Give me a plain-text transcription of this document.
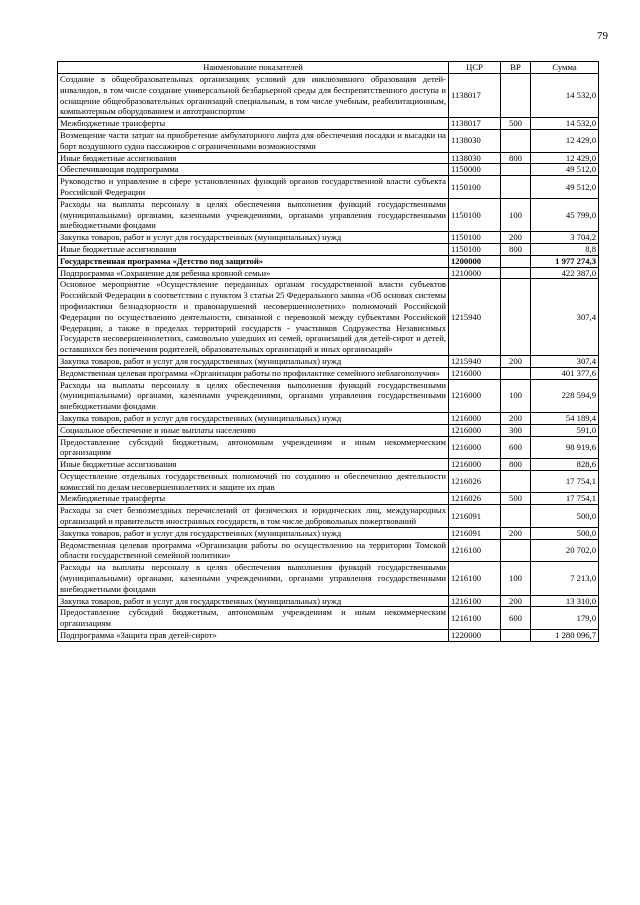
79
Наименование показателей	ЦСР	ВР	Сумма
Создание в общеобразовательных организациях условий для инклюзивного образования детей-инвалидов, в том числе создание универсальной безбарьерной среды для беспрепятственного доступа и оснащение общеобразовательных организаций специальным, в том числе учебным, реабилитационным, компьютерным оборудованием и автотранспортом	1138017		14 532,0
Межбюджетные трансферты	1138017	500	14 532,0
Возмещение части затрат на приобретение амбулаторного лифта для обеспечения посадки и высадки на борт воздушного судна пассажиров с ограниченными возможностями	1138030		12 429,0
Иные бюджетные ассигнования	1138030	800	12 429,0
Обеспечивающая подпрограмма	1150000		49 512,0
Руководство и управление в сфере установленных функций органов государственной власти субъекта Российской Федерации	1150100		49 512,0
Расходы на выплаты персоналу в целях обеспечения выполнения функций государственными (муниципальными) органами, казенными учреждениями, органами управления государственными внебюджетными фондами	1150100	100	45 799,0
Закупка товаров, работ и услуг для государственных (муниципальных) нужд	1150100	200	3 704,2
Иные бюджетные ассигнования	1150100	800	8,8
Государственная программа «Детство под защитой»	1200000		1 977 274,3
Подпрограмма «Сохранение для ребенка кровной семьи»	1210000		422 387,0
Основное мероприятие «Осуществление переданных органам государственной власти субъектов Российской Федерации в соответствии с пунктом 3 статьи 25 Федерального закона «Об основах системы профилактики безнадзорности и правонарушений несовершеннолетних» полномочий Российской Федерации по осуществлению деятельности, связанной с перевозкой между субъектами Российской Федерации, а также в пределах территорий государств - участников Содружества Независимых Государств несовершеннолетних, самовольно ушедших из семей, организаций для детей-сирот и детей, оставшихся без попечения родителей, образовательных организаций и иных организаций»	1215940		307,4
Закупка товаров, работ и услуг для государственных (муниципальных) нужд	1215940	200	307,4
Ведомственная целевая программа «Организация работы по профилактике семейного неблагополучия»	1216000		401 377,6
Расходы на выплаты персоналу в целях обеспечения выполнения функций государственными (муниципальными) органами, казенными учреждениями, органами управления государственными внебюджетными фондами	1216000	100	228 594,9
Закупка товаров, работ и услуг для государственных (муниципальных) нужд	1216000	200	54 189,4
Социальное обеспечение и иные выплаты населению	1216000	300	591,0
Предоставление субсидий бюджетным, автономным учреждениям и иным некоммерческим организациям	1216000	600	98 919,6
Иные бюджетные ассигнования	1216000	800	828,6
Осуществление отдельных государственных полномочий по созданию и обеспечению деятельности комиссий по делам несовершеннолетних и защите их прав	1216026		17 754,1
Межбюджетные трансферты	1216026	500	17 754,1
Расходы за счет безвозмездных перечислений от физических и юридических лиц, международных организаций и правительств иностранных государств, в том числе добровольных пожертвований	1216091		500,0
Закупка товаров, работ и услуг для государственных (муниципальных) нужд	1216091	200	500,0
Ведомственная целевая программа «Организация работы по осуществлению на территории Томской области государственной семейной политики»	1216100		20 702,0
Расходы на выплаты персоналу в целях обеспечения выполнения функций государственными (муниципальными) органами, казенными учреждениями, органами управления государственными внебюджетными фондами	1216100	100	7 213,0
Закупка товаров, работ и услуг для государственных (муниципальных) нужд	1216100	200	13 310,0
Предоставление субсидий бюджетным, автономным учреждениям и иным некоммерческим организациям	1216100	600	179,0
Подпрограмма «Защита прав детей-сирот»	1220000		1 280 096,7
